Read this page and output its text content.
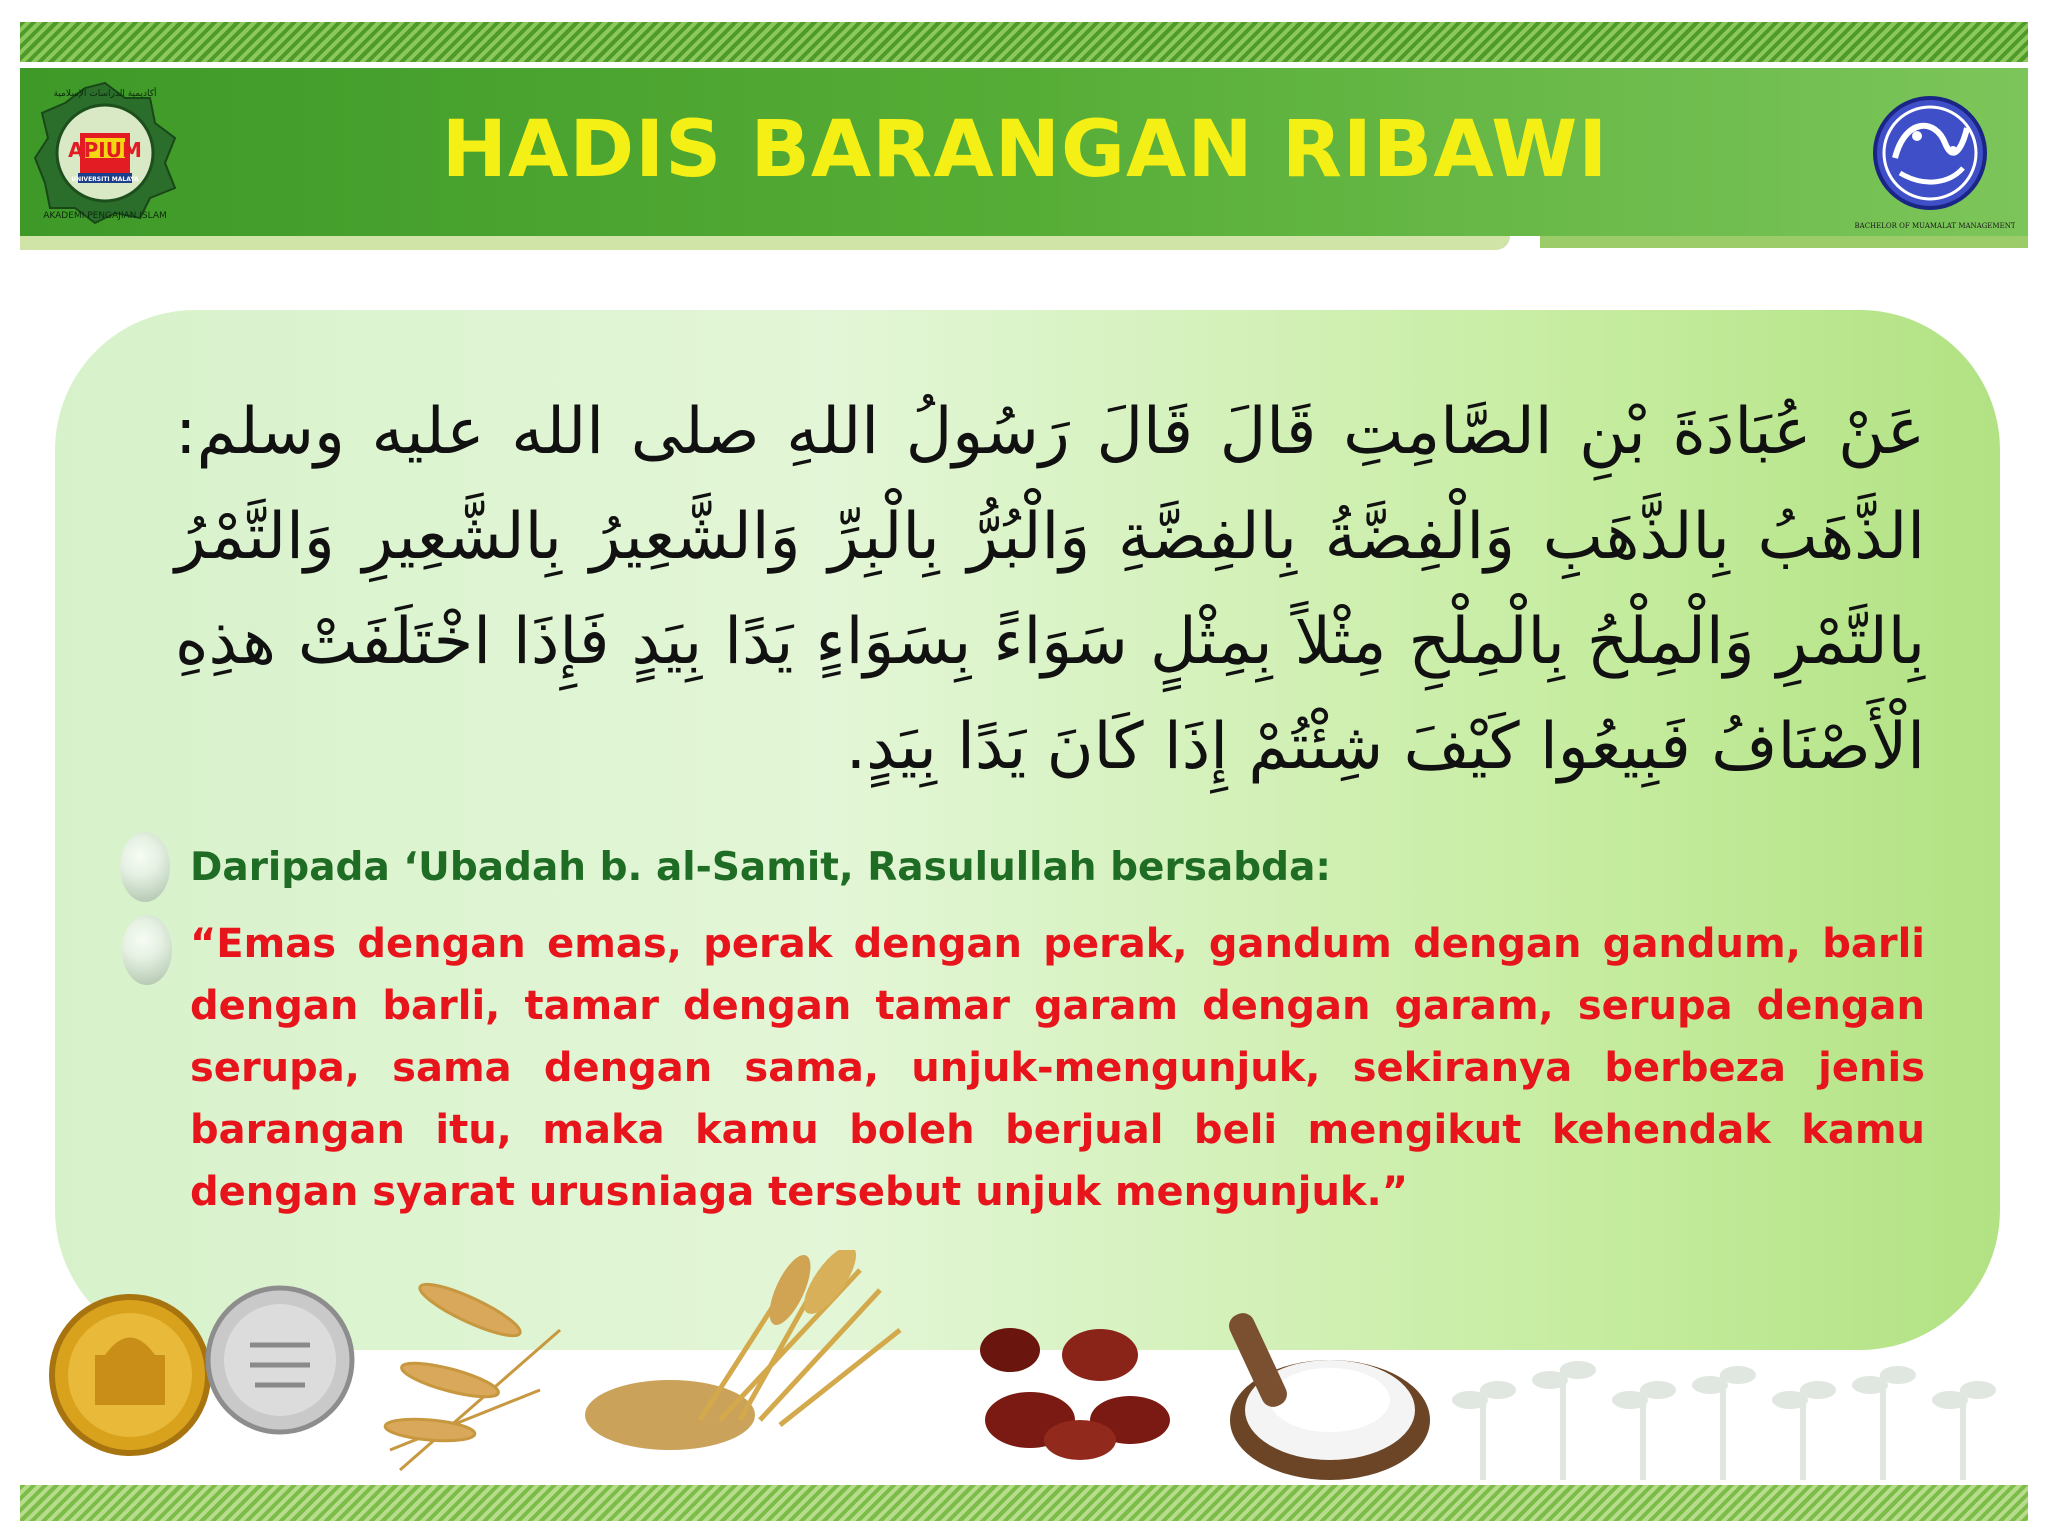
APIUM
UNIVERSITI MALAYA
AKADEMI PENGAJIAN ISLAM
أكاديمية الدراسات الإسلامية
HADIS BARANGAN RIBAWI
BACHELOR OF MUAMALAT MANAGEMENT
عَنْ عُبَادَةَ بْنِ الصَّامِتِ قَالَ قَالَ رَسُولُ اللهِ صلى الله عليه وسلم: الذَّهَبُ بِالذَّهَبِ وَالْفِضَّةُ بِالفِضَّةِ وَالْبُرُّ بِالْبِرِّ وَالشَّعِيرُ بِالشَّعِيرِ وَالتَّمْرُ بِالتَّمْرِ وَالْمِلْحُ بِالْمِلْحِ مِثْلاً بِمِثْلٍ سَوَاءً بِسَوَاءٍ يَدًا بِيَدٍ فَإِذَا اخْتَلَفَتْ هذِهِ الْأَصْنَافُ فَبِيعُوا كَيْفَ شِئْتُمْ إِذَا كَانَ يَدًا بِيَدٍ.
Daripada ‘Ubadah b. al-Samit, Rasulullah bersabda:
“Emas dengan emas, perak dengan perak, gandum dengan gandum, barli dengan barli, tamar dengan tamar garam dengan garam, serupa dengan serupa, sama dengan sama, unjuk-mengunjuk, sekiranya berbeza jenis barangan itu, maka kamu boleh berjual beli mengikut kehendak kamu dengan syarat urusniaga tersebut unjuk mengunjuk.”
